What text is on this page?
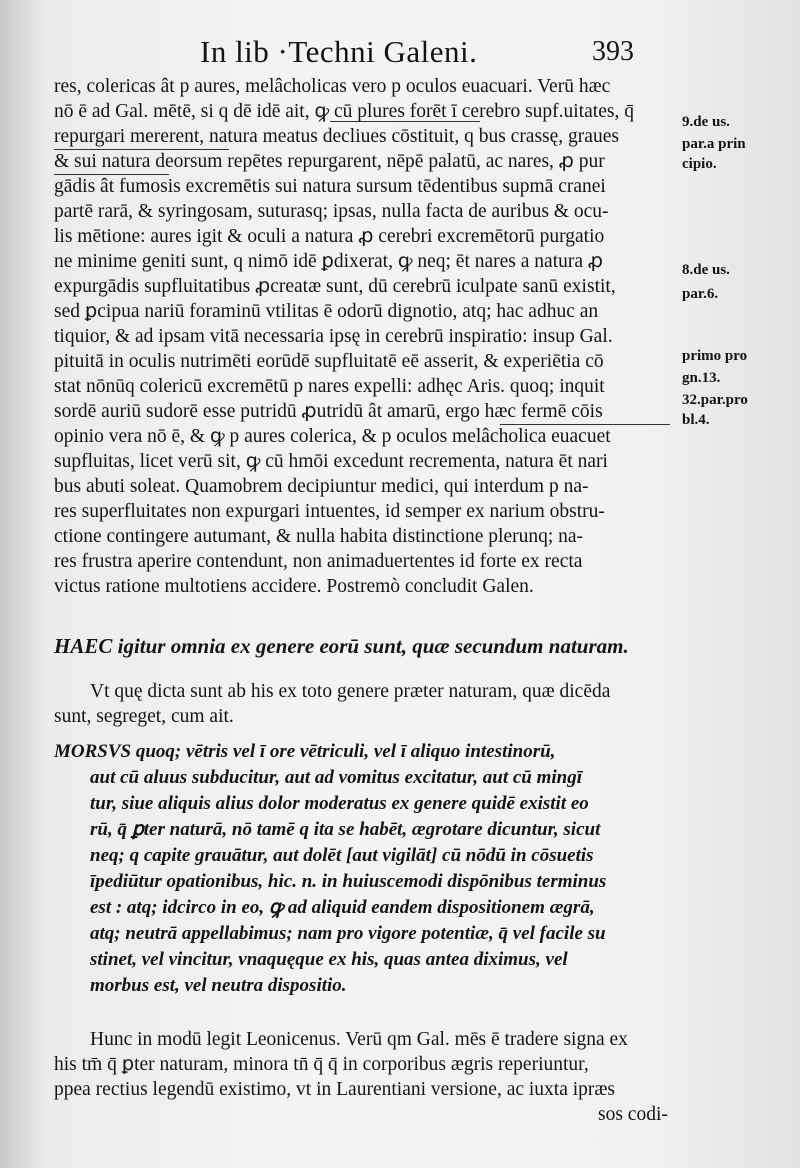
In lib ·Techni Galeni.	393
res, colericas ât p aures, melâcholicas vero p oculos euacuari. Verū hæc
nō ē ad Gal. mētē, si q dē idē ait, ꝙ cū plures forēt ī cerebro supf.uitates, q̄
repurgari mererent, natura meatus decliues cōstituit, q bus crassę, graues
& sui natura deorsum repētes repurgarent, nēpē palatū, ac nares, ꝓ pur
gādis ât fumosis excremētis sui natura sursum tēdentibus supmā cranei
partē rarā, & syringosam, suturasq; ipsas, nulla facta de auribus & ocu-
lis mētione: aures igit & oculi a natura ꝓ cerebri excremētorū purgatio
ne minime geniti sunt, q nimō idē ꝑdixerat, ꝙ neq; ēt nares a natura ꝓ
expurgādis supfluitatibus ꝓcreatæ sunt, dū cerebrū iculpate sanū existit,
sed ꝑcipua nariū foraminū vtilitas ē odorū dignotio, atq; hac adhuc an
tiquior, & ad ipsam vitā necessaria ipsę in cerebrū inspiratio: insup Gal.
pituitā in oculis nutrimēti eorūdē supfluitatē eē asserit, & experiētia cō
stat nōnūq colericū excremētū p nares expelli: adhęc Aris. quoq; inquit
sordē auriū sudorē esse putridū ꝓutridū ât amarū, ergo hæc fermē cōis
opinio vera nō ē, & ꝙ p aures colerica, & p oculos melâcholica euacuet
supfluitas, licet verū sit, ꝙ cū hmōi excedunt recrementa, natura ēt nari
bus abuti soleat. Quamobrem decipiuntur medici, qui interdum p na-
res superfluitates non expurgari intuentes, id semper ex narium obstru-
ctione contingere autumant, & nulla habita distinctione plerunq; na-
res frustra aperire contendunt, non animaduertentes id forte ex recta
victus ratione multotiens accidere. Postremò concludit Galen.
HAEC igitur omnia ex genere eorū sunt, quæ secundum naturam.
Vt quę dicta sunt ab his ex toto genere præter naturam, quæ dicēda
sunt, segreget, cum ait.
MORSVS quoq; vētris vel ī ore vētriculi, vel ī aliquo intestinorū,
aut cū aluus subducitur, aut ad vomitus excitatur, aut cū mingī
tur, siue aliquis alius dolor moderatus ex genere quidē existit eo
rū, q̄ ꝑter naturā, nō tamē q ita se habēt, ægrotare dicuntur, sicut
neq; q capite grauātur, aut dolēt [aut vigilāt] cū nōdū in cōsuetis
īpediūtur opationibus, hic. n. in huiuscemodi dispōnibus terminus
est : atq; idcirco in eo, ꝙ ad aliquid eandem dispositionem ægrā,
atq; neutrā appellabimus; nam pro vigore potentiæ, q̄ vel facile su
stinet, vel vincitur, vnaquęque ex his, quas antea diximus, vel
morbus est, vel neutra dispositio.
Hunc in modū legit Leonicenus. Verū qm Gal. mēs ē tradere signa ex
his tm̄ q̄ ꝑter naturam, minora tn̄ q̄ q̄ in corporibus ægris reperiuntur,
ppea rectius legendū existimo, vt in Laurentiani versione, ac iuxta ipræs
sos codi-
9.de us.
par.a prin
cipio.
8.de us.
par.6.
primo pro
gn.13.
32.par.pro
bl.4.
